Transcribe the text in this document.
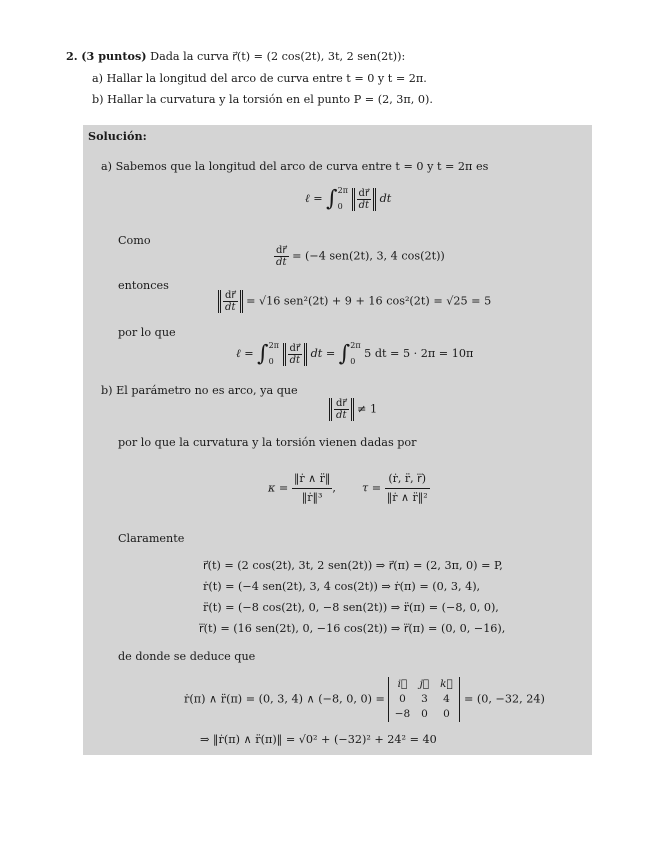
2. (3 puntos) Dada la curva r⃗(t) = (2 cos(2t), 3t, 2 sen(2t)):
a) Hallar la longitud del arco de curva entre t = 0 y t = 2π.
b) Hallar la curvatura y la torsión en el punto P = (2, 3π, 0).
Solución:
a) Sabemos que la longitud del arco de curva entre t = 0 y t = 2π es
ℓ = ∫ 2π
0
	$\frac{dr⃗}{dt}$ dt
Como
$\frac{dr⃗}{dt} = (-4$ sen(2t), 3, 4 cos(2t))
entonces
$\frac{dr⃗}{dt} = √16$ sen²(2t) + 9 + 16 cos²(2t) = √25 = 5
por lo que
ℓ = ∫ 2π
0
	$\frac{dr⃗}{dt}$ dt = ∫ 2π
0
5 dt = 5 · 2π = 10π
b) El parámetro no es arco, ya que
$\frac{dr⃗}{dt} \ne 1$
por lo que la curvatura y la torsión vienen dadas por
$\kappa = \frac{\text{‖ṙ ∧ r̈‖}}{\text{‖ṙ‖³}}$ , $\tau = \frac{\text{(ṙ, r̈, r⃛)}}{\text{‖ṙ ∧ r̈‖²}}$
Claramente
r⃗(t) = (2 cos(2t), 3t, 2 sen(2t)) ⇒ r⃗(π) = (2, 3π, 0) = P,
ṙ(t) = (−4 sen(2t), 3, 4 cos(2t)) ⇒ ṙ(π) = (0, 3, 4),
r̈(t) = (−8 cos(2t), 0, −8 sen(2t)) ⇒ r̈(π) = (−8, 0, 0),
r⃛(t) = (16 sen(2t), 0, −16 cos(2t)) ⇒ r⃛(π) = (0, 0, −16),
de donde se deduce que
ṙ(π) ∧ r̈(π) = (0, 3, 4) ∧ (−8, 0, 0) =
i⃗	j⃗	k⃗
0	3	4
−8	0	0
= (0, −32, 24)
⇒ ‖ṙ(π) ∧ r̈(π)‖ = √0² + (−32)² + 24² = 40
